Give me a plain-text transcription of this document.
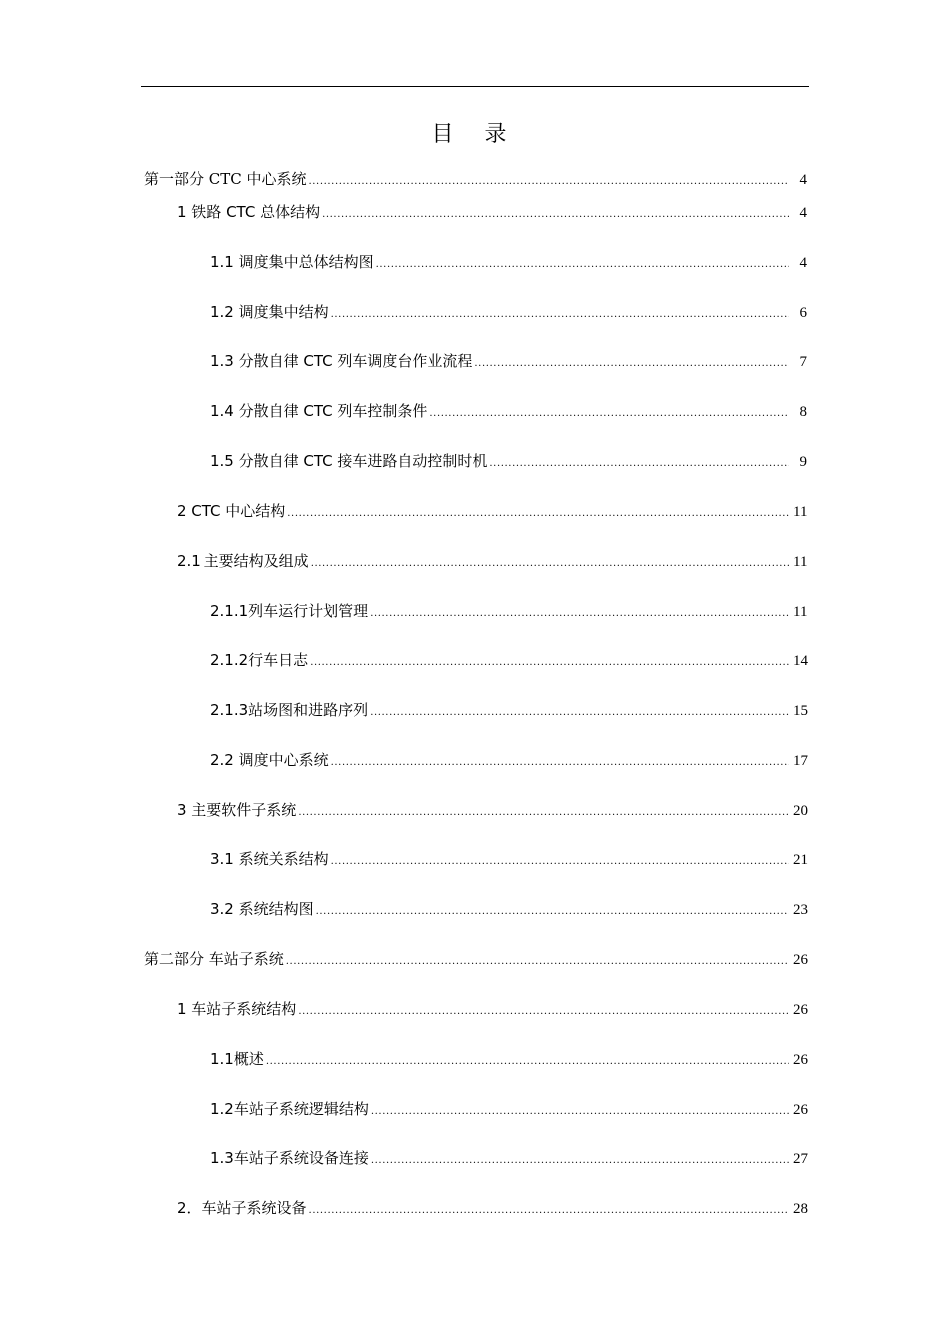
目 录
第一部分 CTC 中心系统 .....	4
1 铁路 CTC 总体结构 .....	4
1.1 调度集中总体结构图 .....	4
1.2 调度集中结构 .....	6
1.3 分散自律 CTC 列车调度台作业流程 .....	7
1.4 分散自律 CTC 列车控制条件 .....	8
1.5 分散自律 CTC 接车进路自动控制时机 .....	9
2 CTC 中心结构 .....	11
2.1 主要结构及组成 .....	11
2.1.1 列车运行计划管理 .....	11
2.1.2 行车日志 .....	14
2.1.3 站场图和进路序列 .....	15
2.2 调度中心系统 .....	17
3 主要软件子系统 .....	20
3.1 系统关系结构 .....	21
3.2 系统结构图 .....	23
第二部分 车站子系统 .....	26
1 车站子系统结构 .....	26
1.1 概述 .....	26
1.2 车站子系统逻辑结构 .....	26
1.3 车站子系统设备连接 .....	27
2．车站子系统设备 .....	28
